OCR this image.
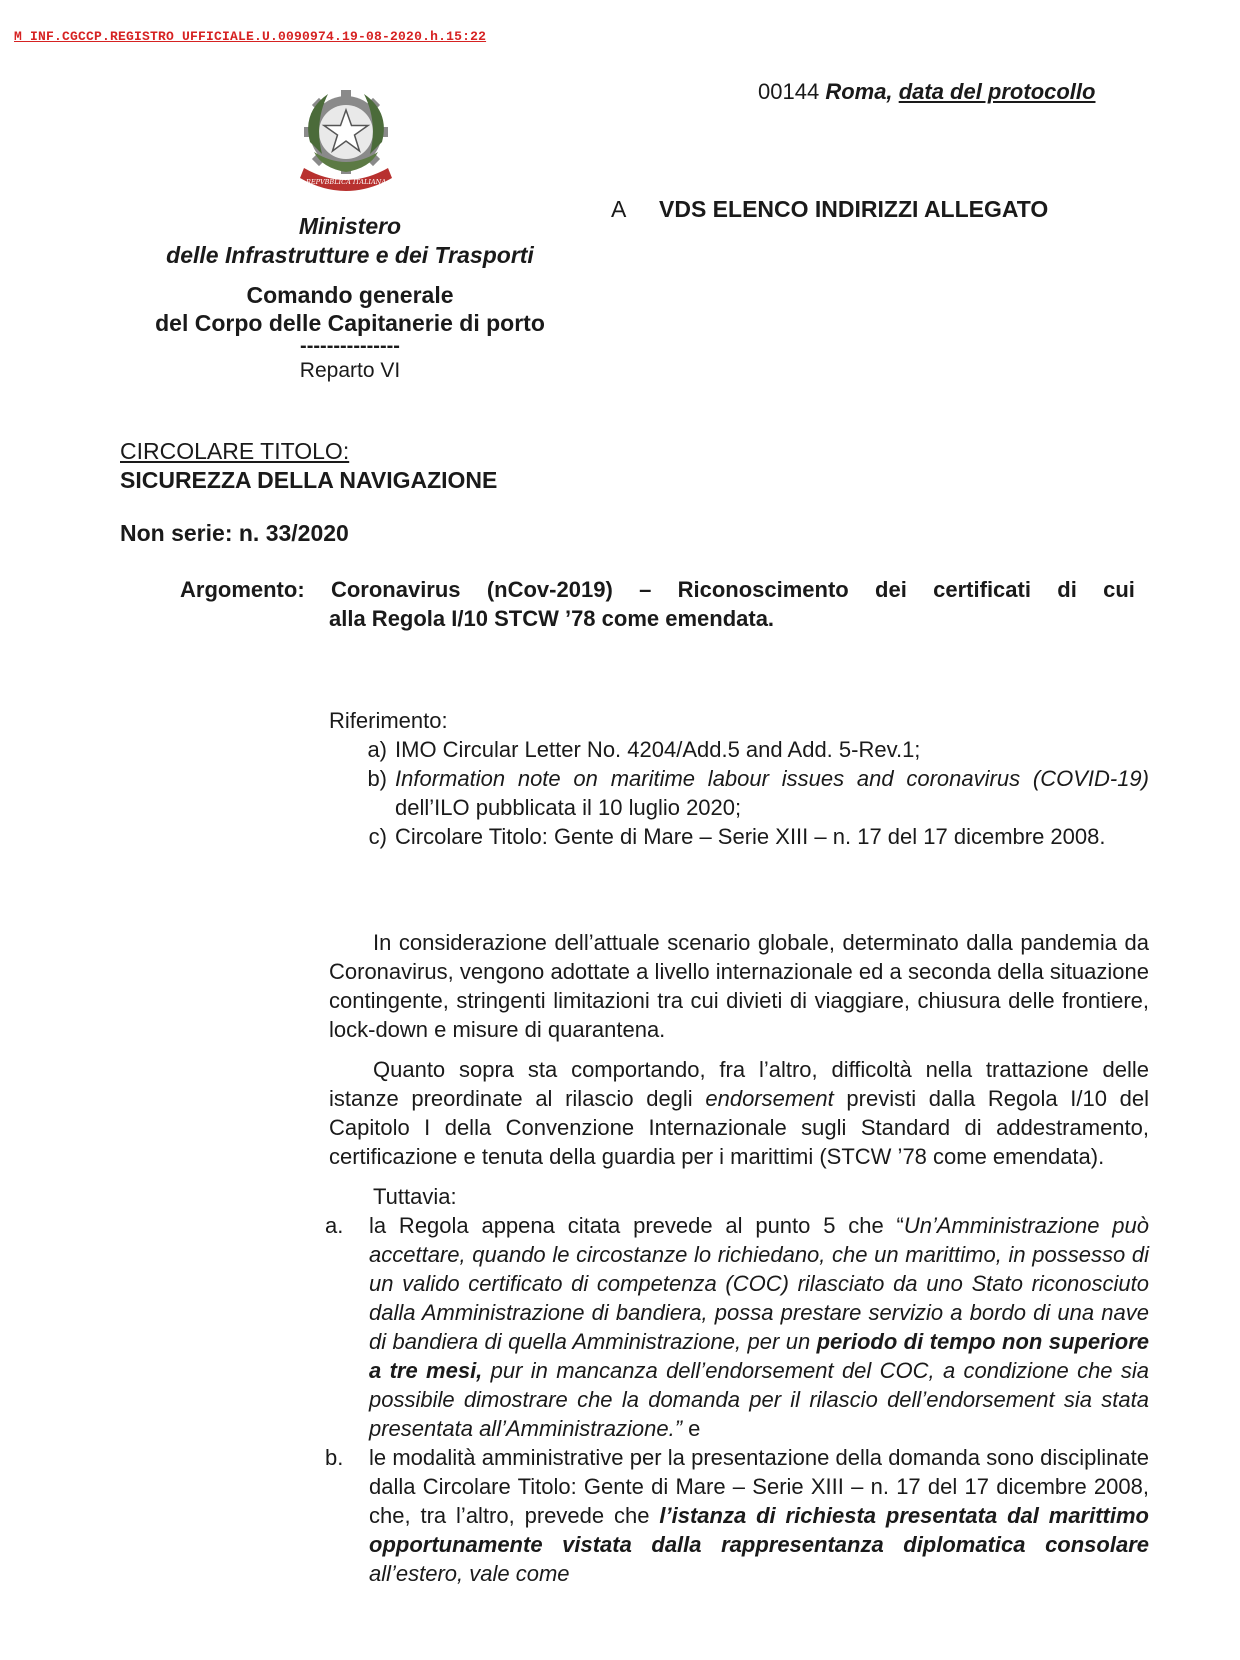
M_INF.CGCCP.REGISTRO UFFICIALE.U.0090974.19-08-2020.h.15:22
00144 Roma, data del protocollo
REPVBBLICA ITALIANA
A VDS ELENCO INDIRIZZI ALLEGATO
Ministero
delle Infrastrutture e dei Trasporti
Comando generale
del Corpo delle Capitanerie di porto
---------------
Reparto VI
CIRCOLARE TITOLO:
SICUREZZA DELLA NAVIGAZIONE
Non serie: n. 33/2020
Argomento: Coronavirus (nCov-2019) – Riconoscimento dei certificati di cui
alla Regola I/10 STCW ’78 come emendata.
Riferimento:
a) IMO Circular Letter No. 4204/Add.5 and Add. 5-Rev.1;
b) Information note on maritime labour issues and coronavirus (COVID-19) dell’ILO pubblicata il 10 luglio 2020;
c) Circolare Titolo: Gente di Mare – Serie XIII – n. 17 del 17 dicembre 2008.

In considerazione dell’attuale scenario globale, determinato dalla pandemia da Coronavirus, vengono adottate a livello internazionale ed a seconda della situazione contingente, stringenti limitazioni tra cui divieti di viaggiare, chiusura delle frontiere, lock-down e misure di quarantena.

Quanto sopra sta comportando, fra l’altro, difficoltà nella trattazione delle istanze preordinate al rilascio degli endorsement previsti dalla Regola I/10 del Capitolo I della Convenzione Internazionale sugli Standard di addestramento, certificazione e tenuta della guardia per i marittimi (STCW ’78 come emendata).

Tuttavia:
a.	la Regola appena citata prevede al punto 5 che “Un’Amministrazione può accettare, quando le circostanze lo richiedano, che un marittimo, in possesso di un valido certificato di competenza (COC) rilasciato da uno Stato riconosciuto dalla Amministrazione di bandiera, possa prestare servizio a bordo di una nave di bandiera di quella Amministrazione, per un periodo di tempo non superiore a tre mesi, pur in mancanza dell’endorsement del COC, a condizione che sia possibile dimostrare che la domanda per il rilascio dell’endorsement sia stata presentata all’Amministrazione.” e
b.	le modalità amministrative per la presentazione della domanda sono disciplinate dalla Circolare Titolo: Gente di Mare – Serie XIII – n. 17 del 17 dicembre 2008, che, tra l’altro, prevede che l’istanza di richiesta presentata dal marittimo opportunamente vistata dalla rappresentanza diplomatica consolare all’estero, vale come
